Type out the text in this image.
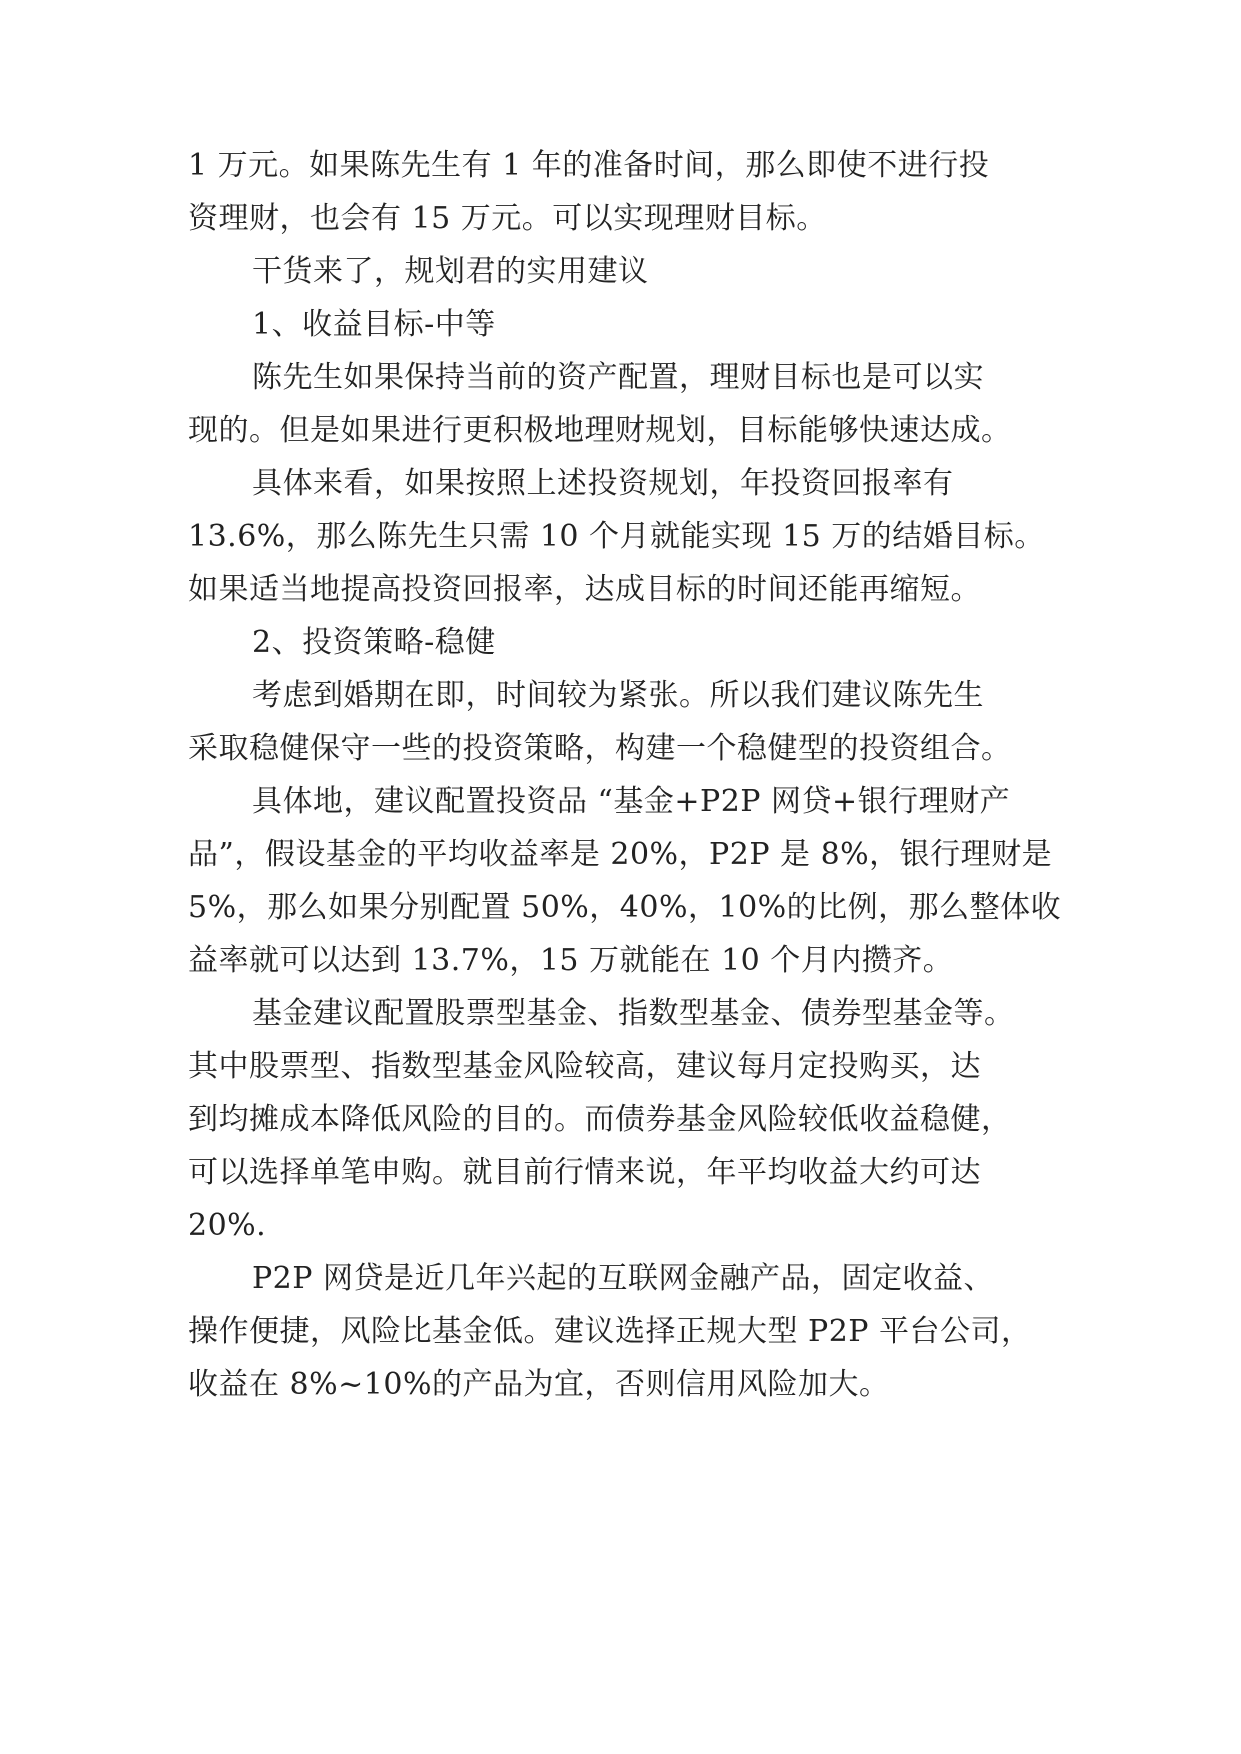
1 万元。如果陈先生有 1 年的准备时间，那么即使不进行投
资理财，也会有 15 万元。可以实现理财目标。
干货来了，规划君的实用建议
1、收益目标-中等
陈先生如果保持当前的资产配置，理财目标也是可以实
现的。但是如果进行更积极地理财规划，目标能够快速达成。
具体来看，如果按照上述投资规划，年投资回报率有
13.6%，那么陈先生只需 10 个月就能实现 15 万的结婚目标。
如果适当地提高投资回报率，达成目标的时间还能再缩短。
2、投资策略-稳健
考虑到婚期在即，时间较为紧张。所以我们建议陈先生
采取稳健保守一些的投资策略，构建一个稳健型的投资组合。
具体地，建议配置投资品 “基金+P2P 网贷+银行理财产
品”，假设基金的平均收益率是 20%，P2P 是 8%，银行理财是
5%，那么如果分别配置 50%，40%，10%的比例，那么整体收
益率就可以达到 13.7%，15 万就能在 10 个月内攒齐。
基金建议配置股票型基金、指数型基金、债券型基金等。
其中股票型、指数型基金风险较高，建议每月定投购买，达
到均摊成本降低风险的目的。而债券基金风险较低收益稳健，
可以选择单笔申购。就目前行情来说，年平均收益大约可达
20%.
P2P 网贷是近几年兴起的互联网金融产品，固定收益、
操作便捷，风险比基金低。建议选择正规大型 P2P 平台公司，
收益在 8%~10%的产品为宜，否则信用风险加大。
